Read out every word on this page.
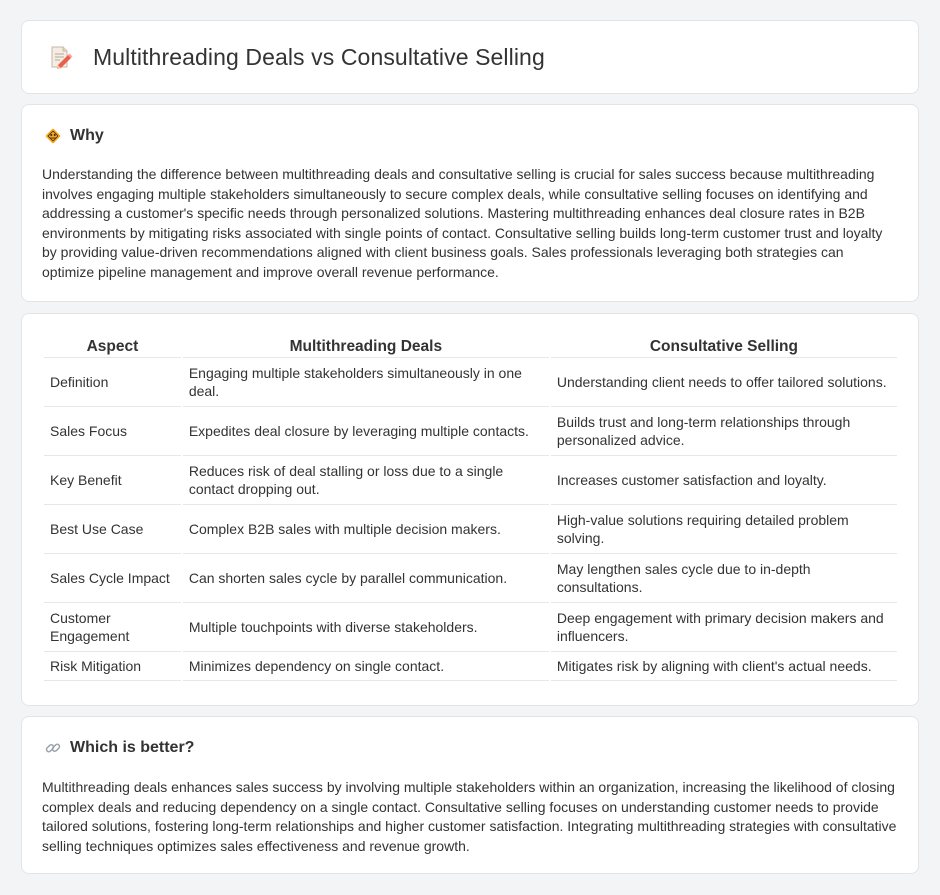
Multithreading Deals vs Consultative Selling
Why

Understanding the difference between multithreading deals and consultative selling is crucial for sales success because multithreading involves engaging multiple stakeholders simultaneously to secure complex deals, while consultative selling focuses on identifying and addressing a customer's specific needs through personalized solutions. Mastering multithreading enhances deal closure rates in B2B environments by mitigating risks associated with single points of contact. Consultative selling builds long-term customer trust and loyalty by providing value-driven recommendations aligned with client business goals. Sales professionals leveraging both strategies can optimize pipeline management and improve overall revenue performance.

Aspect	Multithreading Deals	Consultative Selling
Definition	Engaging multiple stakeholders simultaneously in one deal.	Understanding client needs to offer tailored solutions.
Sales Focus	Expedites deal closure by leveraging multiple contacts.	Builds trust and long-term relationships through personalized advice.
Key Benefit	Reduces risk of deal stalling or loss due to a single contact dropping out.	Increases customer satisfaction and loyalty.
Best Use Case	Complex B2B sales with multiple decision makers.	High-value solutions requiring detailed problem solving.
Sales Cycle Impact	Can shorten sales cycle by parallel communication.	May lengthen sales cycle due to in-depth consultations.
Customer Engagement	Multiple touchpoints with diverse stakeholders.	Deep engagement with primary decision makers and influencers.
Risk Mitigation	Minimizes dependency on single contact.	Mitigates risk by aligning with client's actual needs.
Which is better?

Multithreading deals enhances sales success by involving multiple stakeholders within an organization, increasing the likelihood of closing complex deals and reducing dependency on a single contact. Consultative selling focuses on understanding customer needs to provide tailored solutions, fostering long-term relationships and higher customer satisfaction. Integrating multithreading strategies with consultative selling techniques optimizes sales effectiveness and revenue growth.
